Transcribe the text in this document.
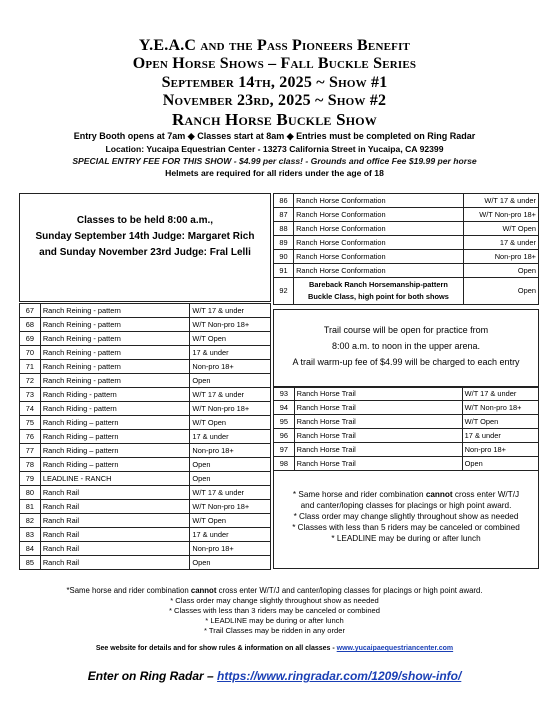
Y.E.A.C and the Pass Pioneers Benefit
Open Horse Shows – Fall Buckle Series
September 14th, 2025 ~ Show #1
November 23rd, 2025 ~ Show #2
Ranch Horse Buckle Show
Entry Booth opens at 7am ◆ Classes start at 8am ◆ Entries must be completed on Ring Radar
Location: Yucaipa Equestrian Center - 13273 California Street in Yucaipa, CA 92399
SPECIAL ENTRY FEE FOR THIS SHOW - $4.99 per class! - Grounds and office Fee $19.99 per horse
Helmets are required for all riders under the age of 18
Classes to be held 8:00 a.m.,
Sunday September 14th Judge: Margaret Rich
and Sunday November 23rd Judge: Fral Lelli
67	Ranch Reining - pattern	W/T 17 & under
68	Ranch Reining - pattern	W/T Non-pro 18+
69	Ranch Reining - pattern	W/T Open
70	Ranch Reining - pattern	17 & under
71	Ranch Reining - pattern	Non-pro 18+
72	Ranch Reining - pattern	Open
73	Ranch Riding - pattern	W/T 17 & under
74	Ranch Riding - pattern	W/T Non-pro 18+
75	Ranch Riding – pattern	W/T Open
76	Ranch Riding – pattern	17 & under
77	Ranch Riding – pattern	Non-pro 18+
78	Ranch Riding – pattern	Open
79	LEADLINE - RANCH	Open
80	Ranch Rail	W/T 17 & under
81	Ranch Rail	W/T Non-pro 18+
82	Ranch Rail	W/T Open
83	Ranch Rail	17 & under
84	Ranch Rail	Non-pro 18+
85	Ranch Rail	Open
86	Ranch Horse Conformation	W/T 17 & under
87	Ranch Horse Conformation	W/T Non-pro 18+
88	Ranch Horse Conformation	W/T Open
89	Ranch Horse Conformation	17 & under
90	Ranch Horse Conformation	Non-pro 18+
91	Ranch Horse Conformation	Open
92	Bareback Ranch Horsemanship-pattern
Buckle Class, high point for both shows	Open
Trail course will be open for practice from
8:00 a.m. to noon in the upper arena.
A trail warm-up fee of $4.99 will be charged to each entry
93	Ranch Horse Trail	W/T 17 & under
94	Ranch Horse Trail	W/T Non-pro 18+
95	Ranch Horse Trail	W/T Open
96	Ranch Horse Trail	17 & under
97	Ranch Horse Trail	Non-pro 18+
98	Ranch Horse Trail	Open
* Same horse and rider combination cannot cross enter W/T/J
and canter/loping classes for placings or high point award.
* Class order may change slightly throughout show as needed
* Classes with less than 5 riders may be canceled or combined
* LEADLINE may be during or after lunch
*Same horse and rider combination cannot cross enter W/T/J and canter/loping classes for placings or high point award.
* Class order may change slightly throughout show as needed
* Classes with less than 3 riders may be canceled or combined
* LEADLINE may be during or after lunch
* Trail Classes may be ridden in any order
See website for details and for show rules & information on all classes - www.yucaipaequestriancenter.com
Enter on Ring Radar – https://www.ringradar.com/1209/show-info/
